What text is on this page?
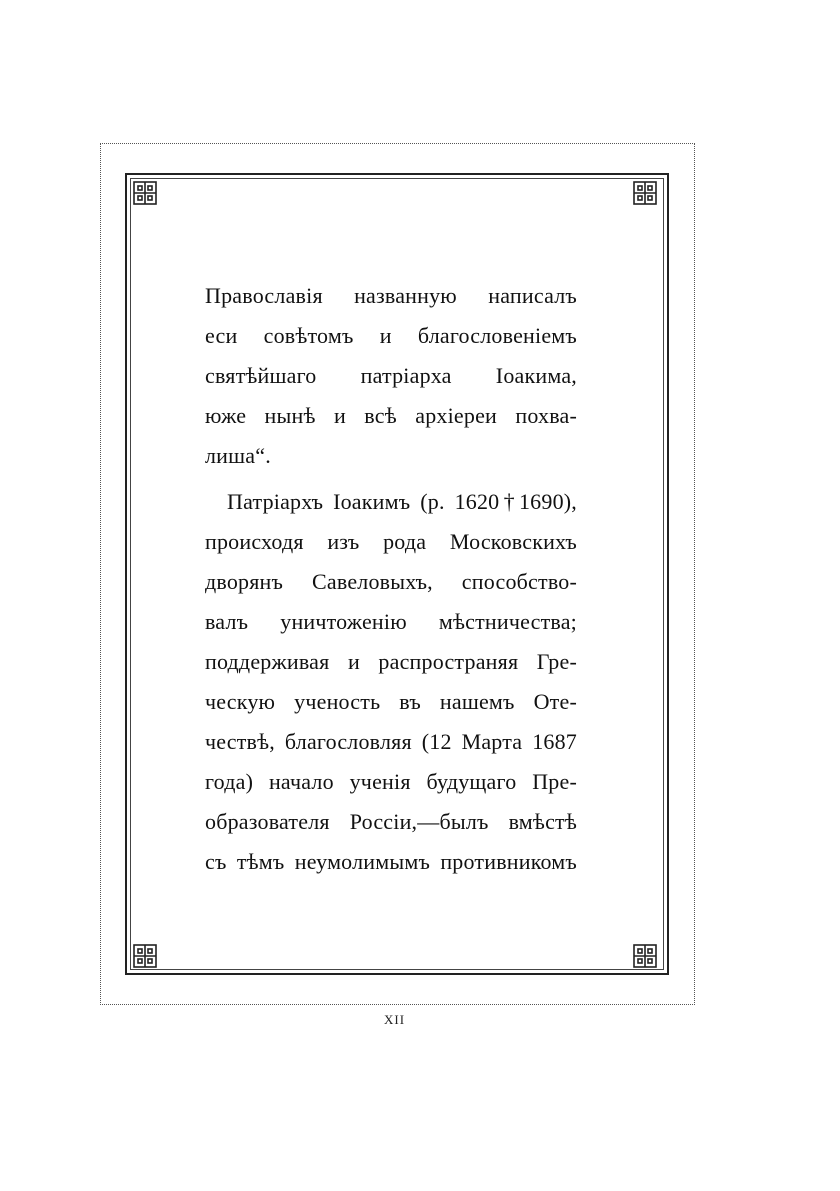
Православія названную написалъ
еси совѣтомъ и благословеніемъ
святѣйшаго патріарха Іоакима,
юже нынѣ и всѣ архіереи похва-
лиша“.
Патріархъ Іоакимъ (р. 1620†1690),
происходя изъ рода Московскихъ
дворянъ Савеловыхъ, способство-
валъ уничтоженію мѣстничества;
поддерживая и распространяя Гре-
ческую ученость въ нашемъ Оте-
чествѣ, благословляя (12 Марта 1687
года) начало ученія будущаго Пре-
образователя Россіи,—былъ вмѣстѣ
съ тѣмъ неумолимымъ противникомъ
XII
